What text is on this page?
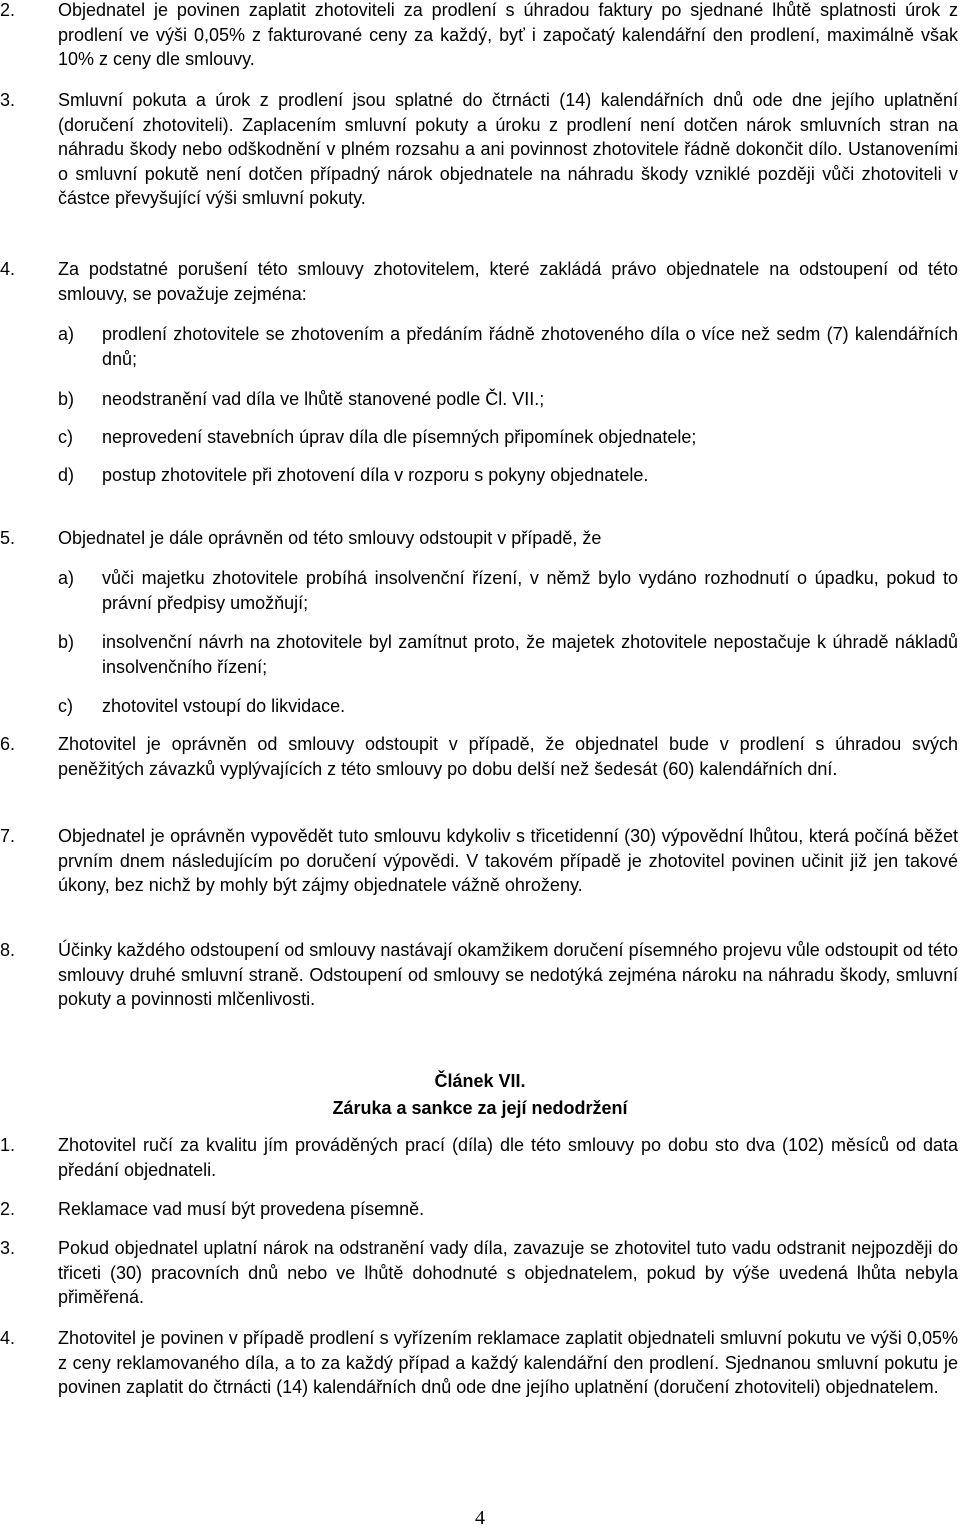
2.	Objednatel je povinen zaplatit zhotoviteli za prodlení s úhradou faktury po sjednané lhůtě splatnosti úrok z prodlení ve výši 0,05% z fakturované ceny za každý, byť i započatý kalendářní den prodlení, maximálně však 10% z ceny dle smlouvy.
3.	Smluvní pokuta a úrok z prodlení jsou splatné do čtrnácti (14) kalendářních dnů ode dne jejího uplatnění (doručení zhotoviteli). Zaplacením smluvní pokuty a úroku z prodlení není dotčen nárok smluvních stran na náhradu škody nebo odškodnění v plném rozsahu a ani povinnost zhotovitele řádně dokončit dílo. Ustanoveními o smluvní pokutě není dotčen případný nárok objednatele na náhradu škody vzniklé později vůči zhotoviteli v částce převyšující výši smluvní pokuty.
4.	Za podstatné porušení této smlouvy zhotovitelem, které zakládá právo objednatele na odstoupení od této smlouvy, se považuje zejména:
a)	prodlení zhotovitele se zhotovením a předáním řádně zhotoveného díla o více než sedm (7) kalendářních dnů;
b)	neodstranění vad díla ve lhůtě stanovené podle Čl. VII.;
c)	neprovedení stavebních úprav díla dle písemných připomínek objednatele;
d)	postup zhotovitele při zhotovení díla v rozporu s pokyny objednatele.
5.	Objednatel je dále oprávněn od této smlouvy odstoupit v případě, že
a)	vůči majetku zhotovitele probíhá insolvenční řízení, v němž bylo vydáno rozhodnutí o úpadku, pokud to právní předpisy umožňují;
b)	insolvenční návrh na zhotovitele byl zamítnut proto, že majetek zhotovitele nepostačuje k úhradě nákladů insolvenčního řízení;
c)	zhotovitel vstoupí do likvidace.
6.	Zhotovitel je oprávněn od smlouvy odstoupit v případě, že objednatel bude v prodlení s úhradou svých peněžitých závazků vyplývajících z této smlouvy po dobu delší než šedesát (60) kalendářních dní.
7.	Objednatel je oprávněn vypovědět tuto smlouvu kdykoliv s třicetidenní (30) výpovědní lhůtou, která počíná běžet prvním dnem následujícím po doručení výpovědi. V takovém případě je zhotovitel povinen učinit již jen takové úkony, bez nichž by mohly být zájmy objednatele vážně ohroženy.
8.	Účinky každého odstoupení od smlouvy nastávají okamžikem doručení písemného projevu vůle odstoupit od této smlouvy druhé smluvní straně. Odstoupení od smlouvy se nedotýká zejména nároku na náhradu škody, smluvní pokuty a povinnosti mlčenlivosti.
Článek VII.
Záruka a sankce za její nedodržení
1.	Zhotovitel ručí za kvalitu jím prováděných prací (díla) dle této smlouvy po dobu sto dva (102) měsíců od data předání objednateli.
2.	Reklamace vad musí být provedena písemně.
3.	Pokud objednatel uplatní nárok na odstranění vady díla, zavazuje se zhotovitel tuto vadu odstranit nejpozději do třiceti (30) pracovních dnů nebo ve lhůtě dohodnuté s objednatelem, pokud by výše uvedená lhůta nebyla přiměřená.
4.	Zhotovitel je povinen v případě prodlení s vyřízením reklamace zaplatit objednateli smluvní pokutu ve výši 0,05% z ceny reklamovaného díla, a to za každý případ a každý kalendářní den prodlení. Sjednanou smluvní pokutu je povinen zaplatit do čtrnácti (14) kalendářních dnů ode dne jejího uplatnění (doručení zhotoviteli) objednatelem.
4
